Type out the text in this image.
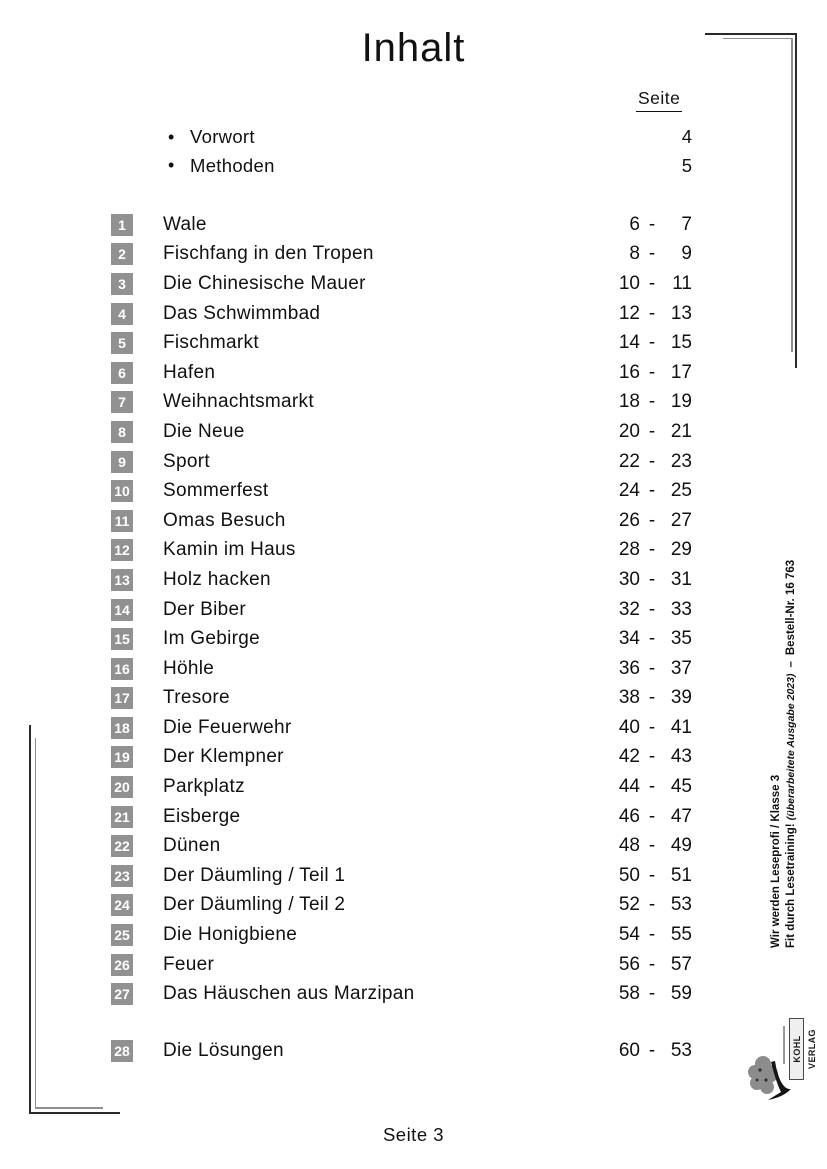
Inhalt
Seite
• Vorwort	4
• Methoden	5
1	Wale	6 -	7
2	Fischfang in den Tropen	8 -	9
3	Die Chinesische Mauer	10 - 11
4	Das Schwimmbad	12 - 13
5	Fischmarkt	14 - 15
6	Hafen	16 - 17
7	Weihnachtsmarkt	18 - 19
8	Die Neue	20 - 21
9	Sport	22 - 23
10 Sommerfest	24 - 25
11 Omas Besuch	26 - 27
12 Kamin im Haus	28 - 29
13 Holz hacken	30 - 31
14 Der Biber	32 - 33
15 Im Gebirge	34 - 35
16 Höhle	36 - 37
17 Tresore	38 - 39
18 Die Feuerwehr	40 - 41
19 Der Klempner	42 - 43
20 Parkplatz	44 - 45
21 Eisberge	46 - 47
22 Dünen	48 - 49
23 Der Däumling / Teil 1	50 - 51
24 Der Däumling / Teil 2	52 - 53
25 Die Honigbiene	54 - 55
26 Feuer	56 - 57
27 Das Häuschen aus Marzipan	58 - 59
28 Die Lösungen	60 - 53
Wir werden Leseprofi / Klasse 3 Fit durch Lesetraining! (überarbeitete Ausgabe 2023)–Bestell-Nr. 16 763
KOHL VERLAG
Seite 3
